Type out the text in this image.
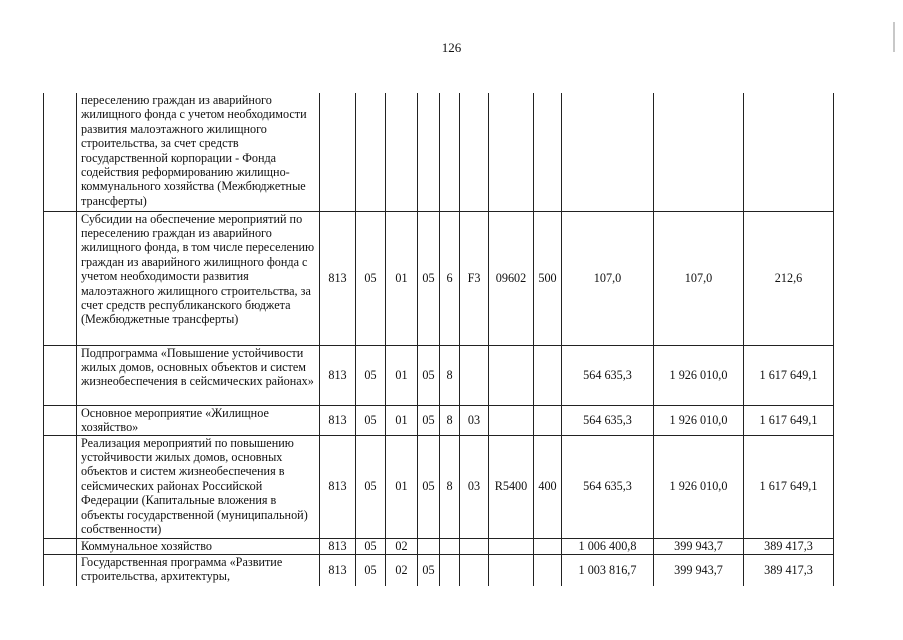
126
	переселению граждан из аварийного жилищного фонда с учетом необходимости развития малоэтажного жилищного строительства, за счет средств государственной корпорации - Фонда содействия реформированию жилищно-коммунального хозяйства (Межбюджетные трансферты)											
	Субсидии на обеспечение мероприятий по переселению граждан из аварийного жилищного фонда, в том числе переселению граждан из аварийного жилищного фонда с учетом необходимости развития малоэтажного жилищного строительства, за счет средств республиканского бюджета (Межбюджетные трансферты)	813	05	01	05	6	F3	09602	500	107,0	107,0	212,6
	Подпрограмма «Повышение устойчивости жилых домов, основных объектов и систем жизнеобеспечения в сейсмических районах»	813	05	01	05	8				564 635,3	1 926 010,0	1 617 649,1
	Основное мероприятие «Жилищное хозяйство»	813	05	01	05	8	03			564 635,3	1 926 010,0	1 617 649,1
	Реализация мероприятий по повышению устойчивости жилых домов, основных объектов и систем жизнеобеспечения в сейсмических районах Российской Федерации (Капитальные вложения в объекты государственной (муниципальной) собственности)	813	05	01	05	8	03	R5400	400	564 635,3	1 926 010,0	1 617 649,1
	Коммунальное хозяйство	813	05	02						1 006 400,8	399 943,7	389 417,3
	Государственная программа «Развитие строительства, архитектуры,	813	05	02	05					1 003 816,7	399 943,7	389 417,3
